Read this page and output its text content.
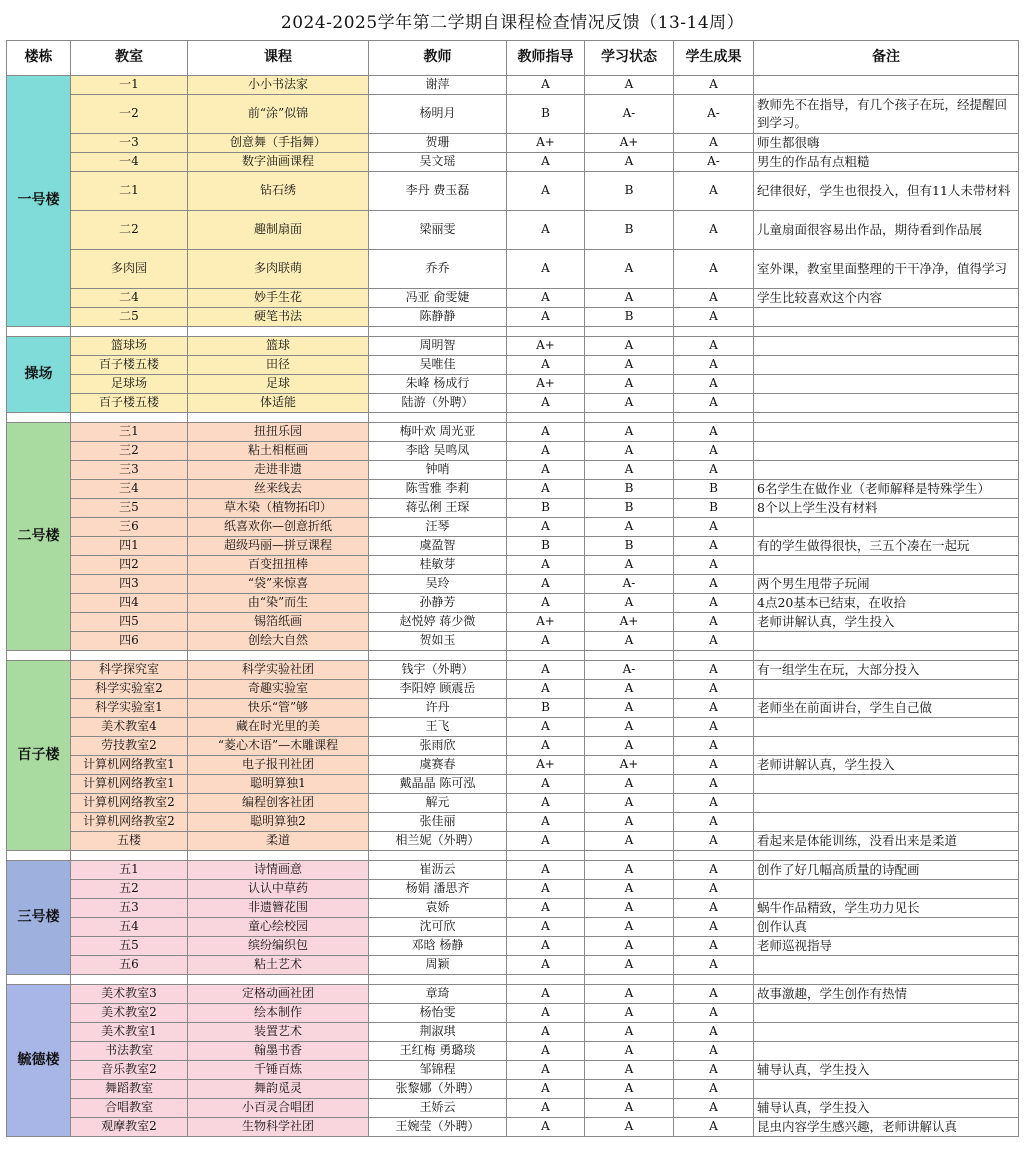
2024-2025学年第二学期自课程检查情况反馈（13-14周）							
楼栋	教室	课程	教师	教师指导	学习状态	学生成果	备注
一号楼	一1	小小书法家	谢萍	A	A	A	
	一2	前“涂”似锦	杨明月	B	A-	A-	教师先不在指导，有几个孩子在玩，经提醒回到学习。
	一3	创意舞（手指舞）	贺珊	A+	A+	A	师生都很嗨
	一4	数字油画课程	吴文瑶	A	A	A-	男生的作品有点粗糙
	二1	钻石绣	李丹 费玉磊	A	B	A	纪律很好，学生也很投入，但有11人未带材料
	二2	趣制扇面	梁丽雯	A	B	A	儿童扇面很容易出作品，期待看到作品展
	多肉园	多肉联萌	乔乔	A	A	A	室外课，教室里面整理的干干净净，值得学习
	二4	妙手生花	冯亚 俞雯婕	A	A	A	学生比较喜欢这个内容
	二5	硬笔书法	陈静静	A	B	A	

操场	篮球场	篮球	周明智	A+	A	A	
	百子楼五楼	田径	吴唯佳	A	A	A	
	足球场	足球	朱峰 杨成行	A+	A	A	
	百子楼五楼	体适能	陆游（外聘）	A	A	A	

二号楼	三1	扭扭乐园	梅叶欢 周光亚	A	A	A	
	三2	粘土相框画	李晗 吴鸣凤	A	A	A	
	三3	走进非遗	钟哨	A	A	A	
	三4	丝来线去	陈雪雅 李莉	A	B	B	6名学生在做作业（老师解释是特殊学生）
	三5	草木染（植物拓印）	蒋弘俐 王琛	B	B	B	8个以上学生没有材料
	三6	纸喜欢你—创意折纸	汪琴	A	A	A	
	四1	超级玛丽—拼豆课程	虞盈智	B	B	A	有的学生做得很快，三五个凑在一起玩
	四2	百变扭扭棒	桂敏芽	A	A	A	
	四3	“袋”来惊喜	吴玲	A	A-	A	两个男生甩带子玩闹
	四4	由“染”而生	孙静芳	A	A	A	4点20基本已结束，在收拾
	四5	锡箔纸画	赵悦婷 蒋少微	A+	A+	A	老师讲解认真，学生投入
	四6	创绘大自然	贺如玉	A	A	A	

百子楼	科学探究室	科学实验社团	钱宇（外聘）	A	A-	A	有一组学生在玩，大部分投入
	科学实验室2	奇趣实验室	李阳婷 顾震岳	A	A	A	
	科学实验室1	快乐“管”够	许丹	B	A	A	老师坐在前面讲台，学生自己做
	美术教室4	藏在时光里的美	王飞	A	A	A	
	劳技教室2	“菱心木语”—木雕课程	张雨欣	A	A	A	
	计算机网络教室1	电子报刊社团	虞赛春	A+	A+	A	老师讲解认真，学生投入
	计算机网络教室1	聪明算独1	戴晶晶 陈可泓	A	A	A	
	计算机网络教室2	编程创客社团	解元	A	A	A	
	计算机网络教室2	聪明算独2	张佳丽	A	A	A	
	五楼	柔道	相兰妮（外聘）	A	A	A	看起来是体能训练，没看出来是柔道

三号楼	五1	诗情画意	崔沥云	A	A	A	创作了好几幅高质量的诗配画
	五2	认认中草药	杨娟 潘思齐	A	A	A	
	五3	非遗簪花围	袁娇	A	A	A	蜗牛作品精致，学生功力见长
	五4	童心绘校园	沈可欣	A	A	A	创作认真
	五5	缤纷编织包	邓晗 杨静	A	A	A	老师巡视指导
	五6	粘土艺术	周颖	A	A	A	

毓德楼	美术教室3	定格动画社团	章琦	A	A	A	故事激趣，学生创作有热情
	美术教室2	绘本制作	杨怡雯	A	A	A	
	美术教室1	装置艺术	荆淑琪	A	A	A	
	书法教室	翰墨书香	王红梅 勇璐琰	A	A	A	
	音乐教室2	千锤百炼	邹锦程	A	A	A	辅导认真，学生投入
	舞蹈教室	舞韵觅灵	张黎娜（外聘）	A	A	A	
	合唱教室	小百灵合唱团	王娇云	A	A	A	辅导认真，学生投入
	观摩教室2	生物科学社团	王婉莹（外聘）	A	A	A	昆虫内容学生感兴趣，老师讲解认真
